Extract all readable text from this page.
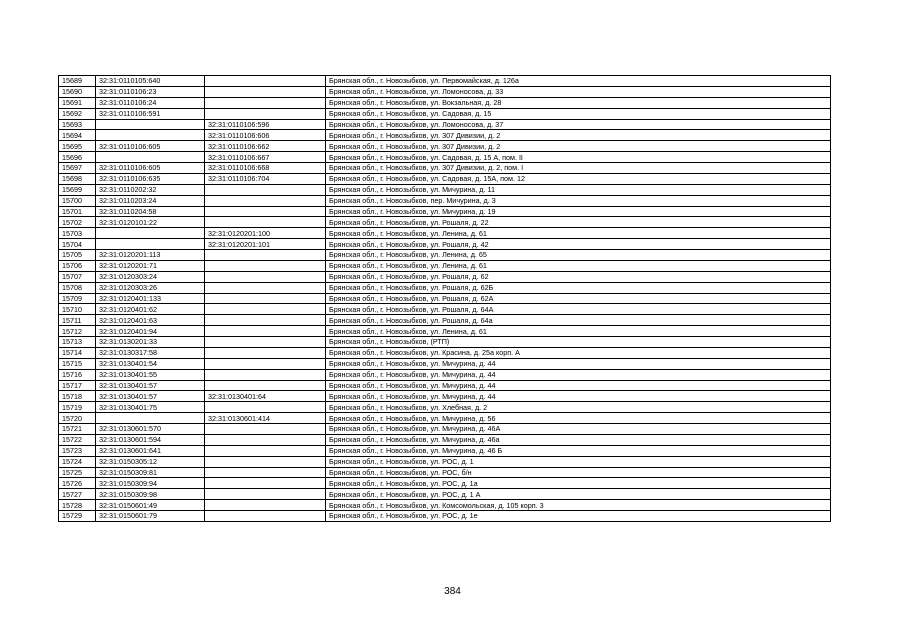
15689	32:31:0110105:640		Брянская обл., г. Новозыбков, ул. Первомайская, д. 126а
15690	32:31:0110106:23		Брянская обл., г. Новозыбков, ул. Ломоносова, д. 33
15691	32:31:0110106:24		Брянская обл., г. Новозыбков, ул. Вокзальная, д. 28
15692	32:31:0110106:591		Брянская обл., г. Новозыбков, ул. Садовая, д. 15
15693		32:31:0110106:596	Брянская обл., г. Новозыбков, ул. Ломоносова, д. 37
15694		32:31:0110106:606	Брянская обл., г. Новозыбков, ул. 307 Дивизии, д. 2
15695	32:31:0110106:605	32:31:0110106:662	Брянская обл., г. Новозыбков, ул. 307 Дивизии, д. 2
15696		32:31:0110106:667	Брянская обл., г. Новозыбков, ул. Садовая, д. 15 А, пом. II
15697	32:31:0110106:605	32:31:0110106:668	Брянская обл., г. Новозыбков, ул. 307 Дивизии, д. 2, пом. I
15698	32:31:0110106:635	32:31:0110106:704	Брянская обл., г. Новозыбков, ул. Садовая, д. 15А, пом. 12
15699	32:31:0110202:32		Брянская обл., г. Новозыбков, ул. Мичурина, д. 11
15700	32:31:0110203:24		Брянская обл., г. Новозыбков, пер. Мичурина, д. 3
15701	32:31:0110204:58		Брянская обл., г. Новозыбков, ул. Мичурина, д. 19
15702	32:31:0120101:22		Брянская обл., г. Новозыбков, ул. Рошаля, д. 22
15703		32:31:0120201:100	Брянская обл., г. Новозыбков, ул. Ленина, д. 61
15704		32:31:0120201:101	Брянская обл., г. Новозыбков, ул. Рошаля, д. 42
15705	32:31:0120201:113		Брянская обл., г. Новозыбков, ул. Ленина, д. 65
15706	32:31:0120201:71		Брянская обл., г. Новозыбков, ул. Ленина, д. 61
15707	32:31:0120303:24		Брянская обл., г. Новозыбков, ул. Рошаля, д. 62
15708	32:31:0120303:26		Брянская обл., г. Новозыбков, ул. Рошаля, д. 62Б
15709	32:31:0120401:133		Брянская обл., г. Новозыбков, ул. Рошаля, д. 62А
15710	32:31:0120401:62		Брянская обл., г. Новозыбков, ул. Рошаля, д. 64А
15711	32:31:0120401:63		Брянская обл., г. Новозыбков, ул. Рошаля, д. 64а
15712	32:31:0120401:94		Брянская обл., г. Новозыбков, ул. Ленина, д. 61
15713	32:31:0130201:33		Брянская обл., г. Новозыбков, (РТП)
15714	32:31:0130317:58		Брянская обл., г. Новозыбков, ул. Красина, д. 25а корп. А
15715	32:31:0130401:54		Брянская обл., г. Новозыбков, ул. Мичурина, д. 44
15716	32:31:0130401:55		Брянская обл., г. Новозыбков, ул. Мичурина, д. 44
15717	32:31:0130401:57		Брянская обл., г. Новозыбков, ул. Мичурина, д. 44
15718	32:31:0130401:57	32:31:0130401:64	Брянская обл., г. Новозыбков, ул. Мичурина, д. 44
15719	32:31:0130401:75		Брянская обл., г. Новозыбков, ул. Хлебная, д. 2
15720		32:31:0130601:414	Брянская обл., г. Новозыбков, ул. Мичурина, д. 56
15721	32:31:0130601:570		Брянская обл., г. Новозыбков, ул. Мичурина, д. 46А
15722	32:31:0130601:594		Брянская обл., г. Новозыбков, ул. Мичурина, д. 46а
15723	32:31:0130601:641		Брянская обл., г. Новозыбков, ул. Мичурина, д. 46 Б
15724	32:31:0150305:12		Брянская обл., г. Новозыбков, ул. РОС, д. 1
15725	32:31:0150309:81		Брянская обл., г. Новозыбков, ул. РОС, б/н
15726	32:31:0150309:94		Брянская обл., г. Новозыбков, ул. РОС, д. 1а
15727	32:31:0150309:98		Брянская обл., г. Новозыбков, ул. РОС, д. 1 А
15728	32:31:0150601:49		Брянская обл., г. Новозыбков, ул. Комсомольская, д. 105 корп. 3
15729	32:31:0150601:79		Брянская обл., г. Новозыбков, ул. РОС, д. 1е
384
